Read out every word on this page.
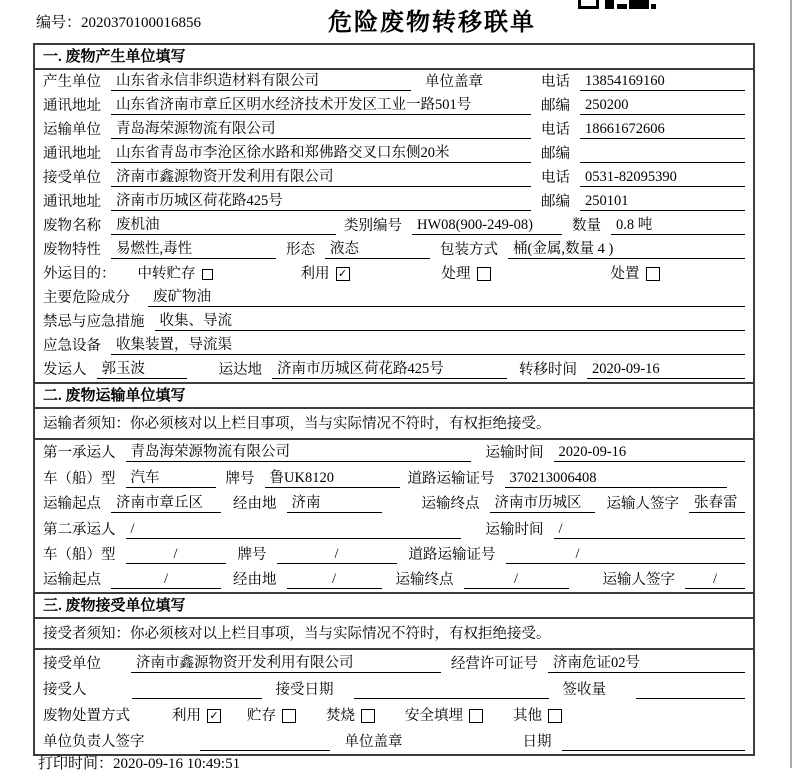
编号：2020370100016856	危险废物转移联单
一. 废物产生单位填写
产生单位	山东省永信非织造材料有限公司	单位盖章	电话	13854169160
通讯地址	山东省济南市章丘区明水经济技术开发区工业一路501号	邮编	250200
运输单位	青岛海荣源物流有限公司	电话	18661672606
通讯地址	山东省青岛市李沧区徐水路和郑佛路交叉口东侧20米	邮编
接受单位	济南市鑫源物资开发利用有限公司	电话	0531-82095390
通讯地址	济南市历城区荷花路425号	邮编	250101
废物名称	废机油	类别编号	HW08(900-249-08)	数量	0.8 吨
废物特性	易燃性,毒性	形态	液态	包装方式	桶(金属,数量 4 )
外运目的：	中转贮存	利用 ✓	处理	处置
主要危险成分	废矿物油
禁忌与应急措施	收集、导流
应急设备	收集装置，导流渠
发运人	郭玉波	运达地	济南市历城区荷花路425号	转移时间	2020-09-16
二. 废物运输单位填写
运输者须知：你必须核对以上栏目事项，当与实际情况不符时，有权拒绝接受。
第一承运人	青岛海荣源物流有限公司	运输时间	2020-09-16
车（船）型	汽车	牌号	鲁UK8120	道路运输证号	370213006408
运输起点	济南市章丘区	经由地	济南	运输终点	济南市历城区	运输人签字	张春雷
第二承运人	/	运输时间	/
车（船）型	/	牌号	/	道路运输证号	/
运输起点	/	经由地	/	运输终点	/	运输人签字	/
三. 废物接受单位填写
接受者须知：你必须核对以上栏目事项，当与实际情况不符时，有权拒绝接受。
接受单位	济南市鑫源物资开发利用有限公司	经营许可证号	济南危证02号
接受人	接受日期	签收量
废物处置方式	利用 ✓	贮存	焚烧	安全填埋	其他
单位负责人签字	单位盖章	日期
打印时间：2020-09-16 10:49:51
